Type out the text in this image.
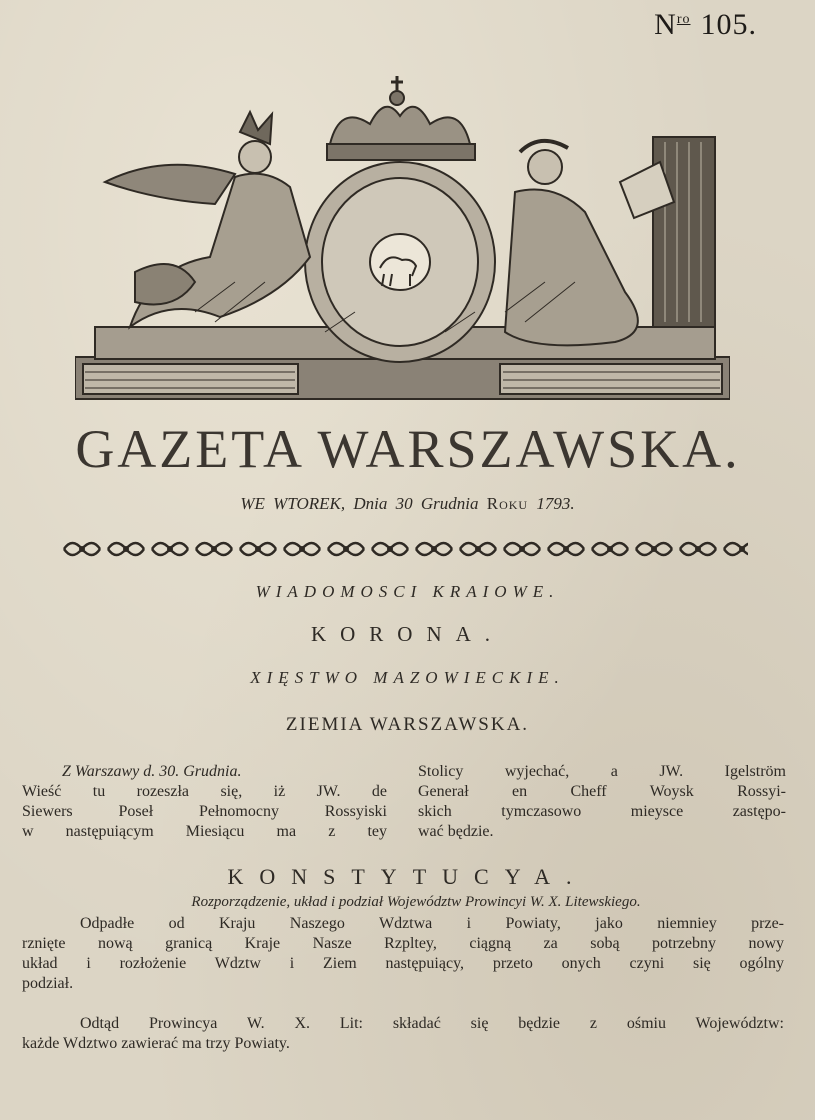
$N^{ro}$ 105.
GAZETA WARSZAWSKA.
WE WTOREK, Dnia 30 Grudnia Roku 1793.
WIADOMOSCI KRAIOWE.
KORONA.
XIĘSTWO MAZOWIECKIE.
ZIEMIA WARSZAWSKA.

Z Warszawy d. 30. Grudnia.

Wieść tu rozeszła się, iż JW. de

Siewers Poseł Pełnomocny Rossyiski

w następuiącym Miesiącu ma z tey

Stolicy wyjechać, a JW. Igelström

Generał en Cheff Woysk Rossyi-

skich tymczasowo mieysce zastępo-

wać będzie.

KONSTYTUCYA.
Rozporządzenie, układ i podział Województw Prowincyi W. X. Litewskiego.

Odpadłe od Kraju Naszego Wdztwa i Powiaty, jako niemniey prze-
rznięte nową granicą Kraje Nasze Rzpltey, ciągną za sobą potrzebny nowy
układ i rozłożenie Wdztw i Ziem następuiący, przeto onych czyni się ogólny
podział.

Odtąd Prowincya W. X. Lit: składać się będzie z ośmiu Województw:
każde Wdztwo zawierać ma trzy Powiaty.
